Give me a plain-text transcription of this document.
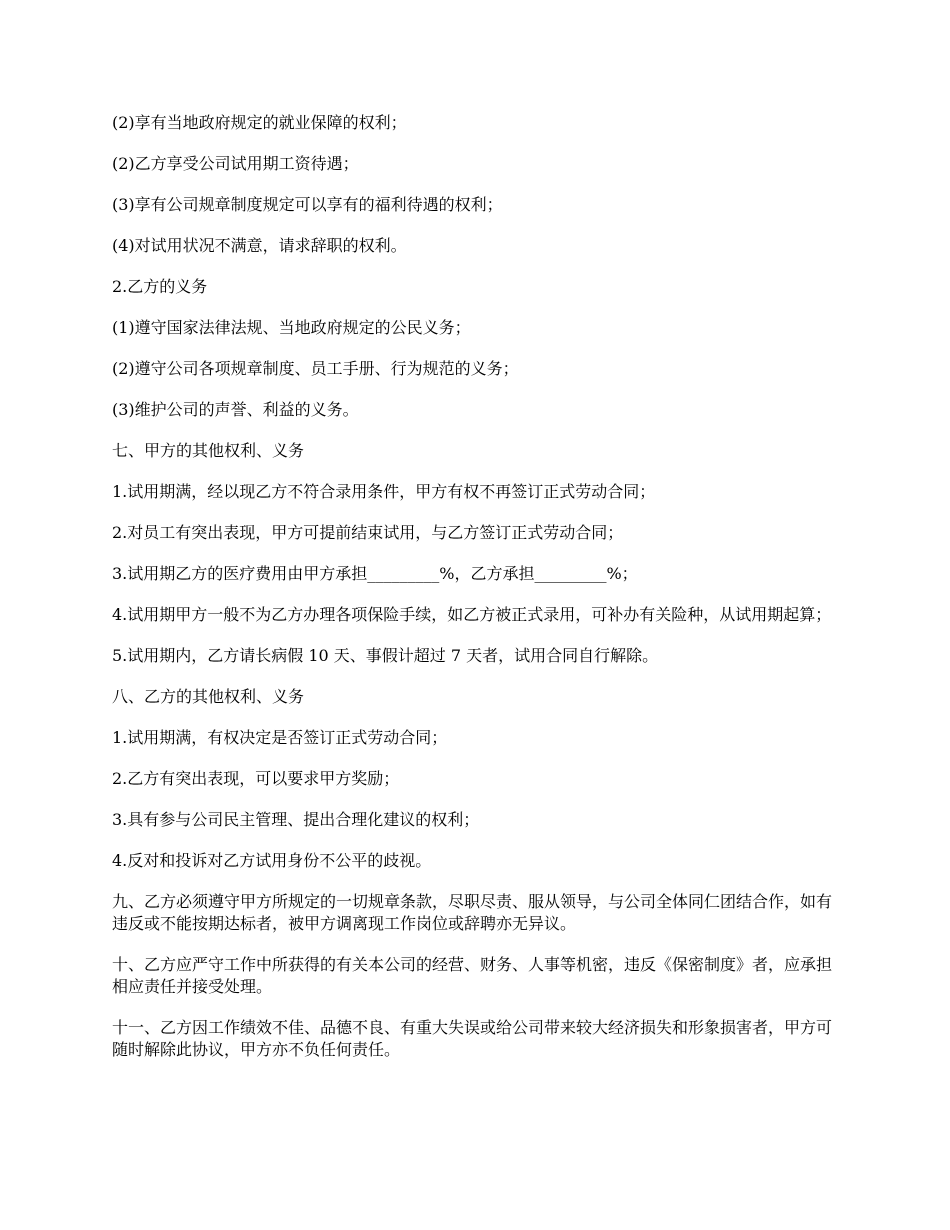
(2)享有当地政府规定的就业保障的权利；

(2)乙方享受公司试用期工资待遇；

(3)享有公司规章制度规定可以享有的福利待遇的权利；

(4)对试用状况不满意，请求辞职的权利。

2.乙方的义务

(1)遵守国家法律法规、当地政府规定的公民义务；

(2)遵守公司各项规章制度、员工手册、行为规范的义务；

(3)维护公司的声誉、利益的义务。

七、甲方的其他权利、义务

1.试用期满，经以现乙方不符合录用条件，甲方有权不再签订正式劳动合同；

2.对员工有突出表现，甲方可提前结束试用，与乙方签订正式劳动合同；

3.试用期乙方的医疗费用由甲方承担_________%，乙方承担_________%；

4.试用期甲方一般不为乙方办理各项保险手续，如乙方被正式录用，可补办有关险种，从试用期起算；

5.试用期内，乙方请长病假 10 天、事假计超过 7 天者，试用合同自行解除。

八、乙方的其他权利、义务

1.试用期满，有权决定是否签订正式劳动合同；

2.乙方有突出表现，可以要求甲方奖励；

3.具有参与公司民主管理、提出合理化建议的权利；

4.反对和投诉对乙方试用身份不公平的歧视。

九、乙方必须遵守甲方所规定的一切规章条款，尽职尽责、服从领导，与公司全体同仁团结合作，如有违反或不能按期达标者，被甲方调离现工作岗位或辞聘亦无异议。

十、乙方应严守工作中所获得的有关本公司的经营、财务、人事等机密，违反《保密制度》者，应承担相应责任并接受处理。

十一、乙方因工作绩效不佳、品德不良、有重大失误或给公司带来较大经济损失和形象损害者，甲方可随时解除此协议，甲方亦不负任何责任。
